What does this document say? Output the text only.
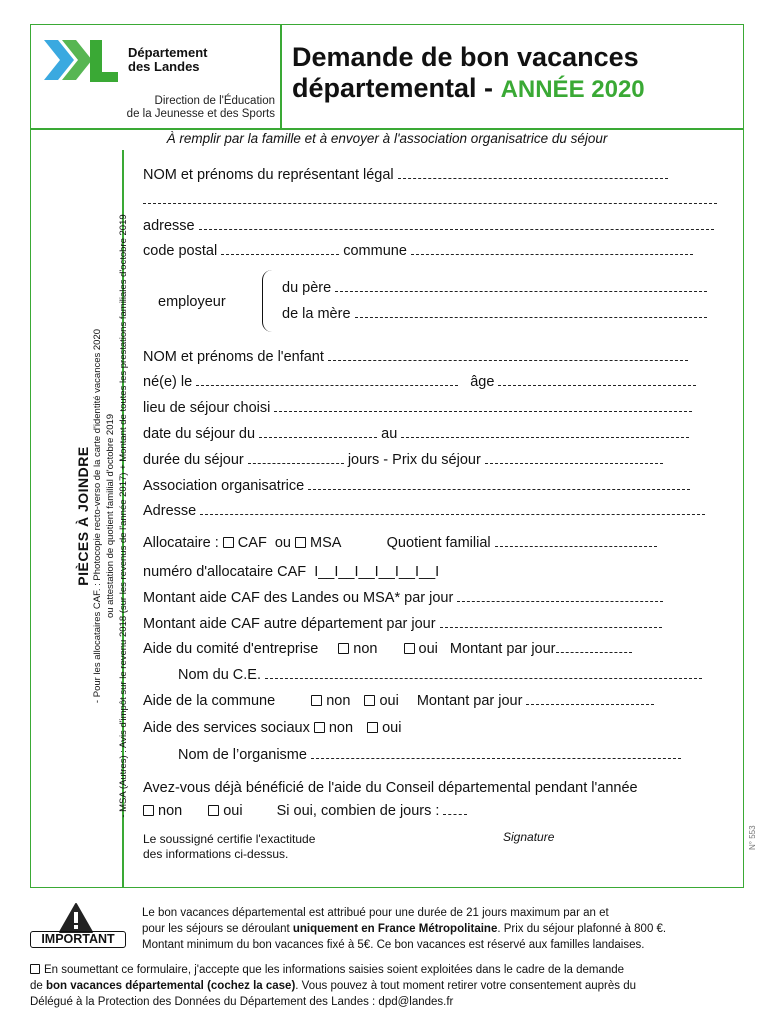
Département
des Landes
Direction de l'Éducation
de la Jeunesse et des Sports
Demande de bon vacances
départemental - ANNÉE 2020
À remplir par la famille et à envoyer à l'association organisatrice du séjour
PIÈCES À JOINDRE - Pour les allocataires CAF. : Photocopie recto-verso de la carte d'identité vacances 2020 ou attestation de quotient familial d'octobre 2019 - MSA (Autres) : Avis d'impôt sur le revenu 2018 (sur les revenus de l'année 2017) + Montant de toutes les prestations familiales d'octobre 2019
NOM et prénoms du représentant légal
adresse
code postal	commune
employeur
du père
de la mère
NOM et prénoms de l'enfant
né(e) le	âge
lieu de séjour choisi
date du séjour du	au
durée du séjour	jours - Prix du séjour
Association organisatrice
Adresse
Allocataire : CAF ou MSA	Quotient familial
numéro d'allocataire CAF I__I__I__I__I__I__I
Montant aide CAF des Landes ou MSA* par jour
Montant aide CAF autre département par jour
Aide du comité d'entreprise non	oui Montant par jour
Nom du C.E.
Aide de la commune	non oui Montant par jour
Aide des services sociaux non oui
Nom de l’organisme
Avez-vous déjà bénéficié de l'aide du Conseil départemental pendant l'année
non	oui Si oui, combien de jours :
Le soussigné certifie l'exactitude
des informations ci-dessus.
Signature	N° 553
IMPORTANT
Le bon vacances départemental est attribué pour une durée de 21 jours maximum par an et
pour les séjours se déroulant uniquement en France Métropolitaine. Prix du séjour plafonné à 800 €.
Montant minimum du bon vacances fixé à 5€. Ce bon vacances est réservé aux familles landaises.
En soumettant ce formulaire, j'accepte que les informations saisies soient exploitées dans le cadre de la demande
de bon vacances départemental (cochez la case). Vous pouvez à tout moment retirer votre consentement auprès du
Délégué à la Protection des Données du Département des Landes : dpd@landes.fr
